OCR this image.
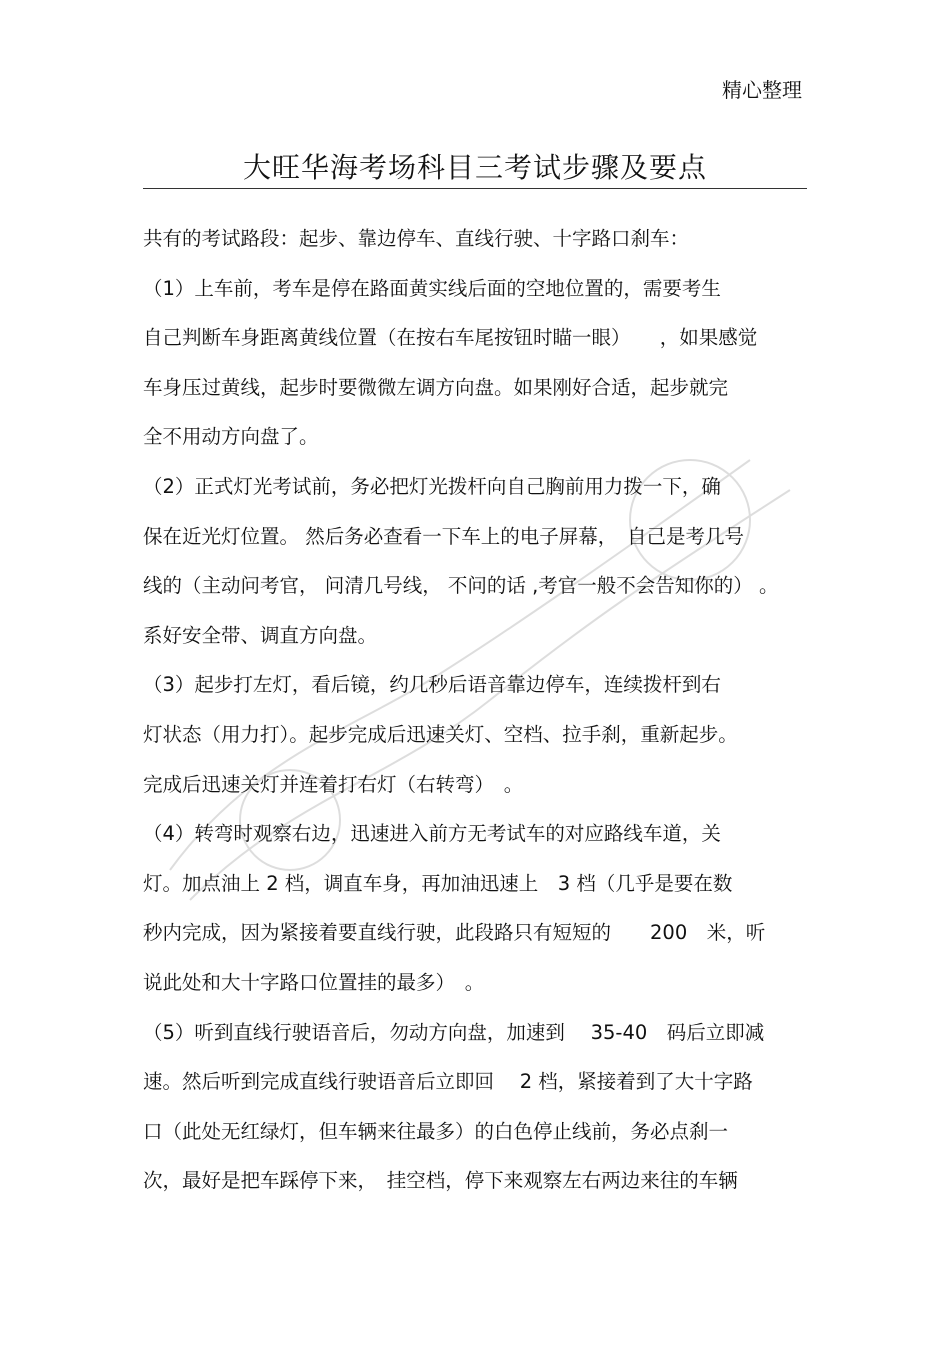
精心整理
大旺华海考场科目三考试步骤及要点
共有的考试路段：起步、靠边停车、直线行驶、十字路口刹车：
（1）上车前，考车是停在路面黄实线后面的空地位置的，需要考生
自己判断车身距离黄线位置（在按右车尾按钮时瞄一眼）　　，如果感觉
车身压过黄线，起步时要微微左调方向盘。如果刚好合适，起步就完
全不用动方向盘了。
（2）正式灯光考试前，务必把灯光拨杆向自己胸前用力拨一下，确
保在近光灯位置。 然后务必查看一下车上的电子屏幕，　自己是考几号
线的（主动问考官， 问清几号线， 不问的话 ,考官一般不会告知你的） 。
系好安全带、调直方向盘。
（3）起步打左灯，看后镜，约几秒后语音靠边停车，连续拨杆到右
灯状态（用力打）。起步完成后迅速关灯、空档、拉手刹，重新起步。
完成后迅速关灯并连着打右灯（右转弯）　。
（4）转弯时观察右边，迅速进入前方无考试车的对应路线车道，关
灯。加点油上 2 档，调直车身，再加油迅速上　3 档（几乎是要在数
秒内完成，因为紧接着要直线行驶，此段路只有短短的　　200　米，听
说此处和大十字路口位置挂的最多）　。
（5）听到直线行驶语音后，勿动方向盘，加速到　 35-40　码后立即减
速。然后听到完成直线行驶语音后立即回　 2 档，紧接着到了大十字路
口（此处无红绿灯，但车辆来往最多）的白色停止线前，务必点刹一
次，最好是把车踩停下来，　挂空档，停下来观察左右两边来往的车辆
